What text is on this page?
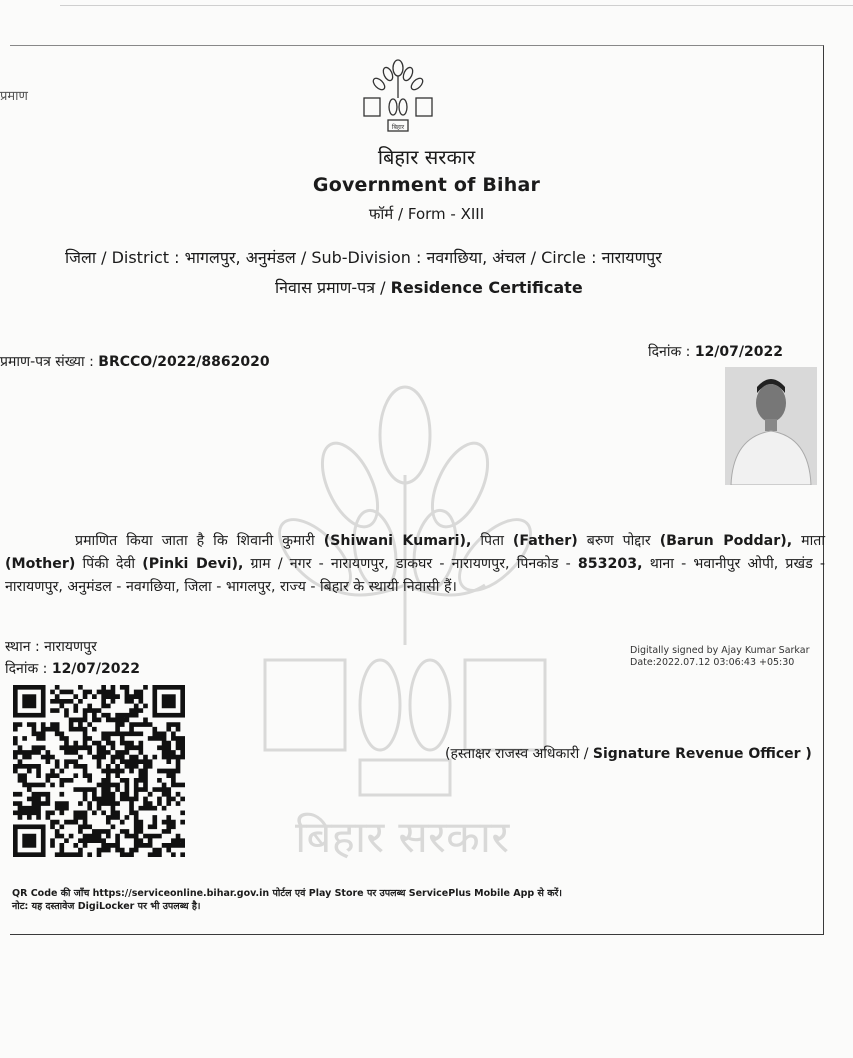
प्रमाण
बिहार सरकार
बिहार
बिहार सरकार
Government of Bihar
फॉर्म / Form - XIII
जिला / District : भागलपुर, अनुमंडल / Sub-Division : नवगछिया, अंचल / Circle : नारायणपुर
निवास प्रमाण-पत्र / Residence Certificate
प्रमाण-पत्र संख्या : BRCCO/2022/8862020
दिनांक : 12/07/2022
प्रमाणित किया जाता है कि शिवानी कुमारी (Shiwani Kumari), पिता (Father) बरुण पोद्दार (Barun Poddar), माता (Mother) पिंकी देवी (Pinki Devi), ग्राम / नगर - नारायणपुर, डाकघर - नारायणपुर, पिनकोड - 853203, थाना - भवानीपुर ओपी, प्रखंड - नारायणपुर, अनुमंडल - नवगछिया, जिला - भागलपुर, राज्य - बिहार के स्थायी निवासी हैं।
स्थान : नारायणपुर
दिनांक : 12/07/2022
Digitally signed by Ajay Kumar Sarkar
Date:2022.07.12 03:06:43 +05:30
(हस्ताक्षर राजस्व अधिकारी / Signature Revenue Officer )
QR Code की जाँच https://serviceonline.bihar.gov.in पोर्टल एवं Play Store पर उपलब्ध ServicePlus Mobile App से करें।
नोट: यह दस्तावेज DigiLocker पर भी उपलब्ध है।
